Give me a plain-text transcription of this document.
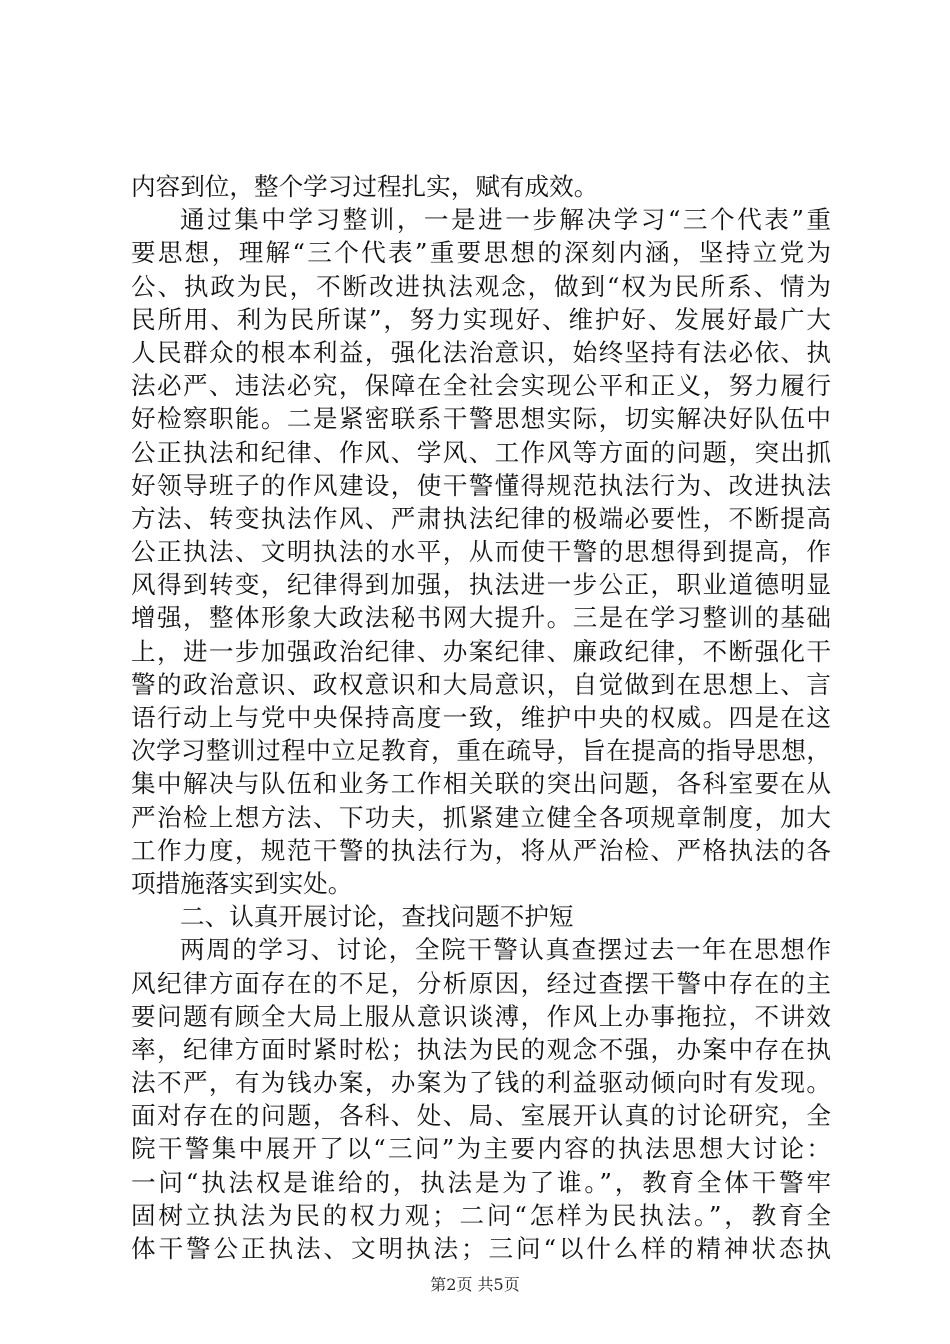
内容到位，整个学习过程扎实，赋有成效。
通过集中学习整训，一是进一步解决学习“三个代表”重
要思想，理解“三个代表”重要思想的深刻内涵，坚持立党为
公、执政为民，不断改进执法观念，做到“权为民所系、情为
民所用、利为民所谋”，努力实现好、维护好、发展好最广大
人民群众的根本利益，强化法治意识，始终坚持有法必依、执
法必严、违法必究，保障在全社会实现公平和正义，努力履行
好检察职能。二是紧密联系干警思想实际，切实解决好队伍中
公正执法和纪律、作风、学风、工作风等方面的问题，突出抓
好领导班子的作风建设，使干警懂得规范执法行为、改进执法
方法、转变执法作风、严肃执法纪律的极端必要性，不断提高
公正执法、文明执法的水平，从而使干警的思想得到提高，作
风得到转变，纪律得到加强，执法进一步公正，职业道德明显
增强，整体形象大政法秘书网大提升。三是在学习整训的基础
上，进一步加强政治纪律、办案纪律、廉政纪律，不断强化干
警的政治意识、政权意识和大局意识，自觉做到在思想上、言
语行动上与党中央保持高度一致，维护中央的权威。四是在这
次学习整训过程中立足教育，重在疏导，旨在提高的指导思想，
集中解决与队伍和业务工作相关联的突出问题，各科室要在从
严治检上想方法、下功夫，抓紧建立健全各项规章制度，加大
工作力度，规范干警的执法行为，将从严治检、严格执法的各
项措施落实到实处。
二、认真开展讨论，查找问题不护短
两周的学习、讨论，全院干警认真查摆过去一年在思想作
风纪律方面存在的不足，分析原因，经过查摆干警中存在的主
要问题有顾全大局上服从意识谈溥，作风上办事拖拉，不讲效
率，纪律方面时紧时松；执法为民的观念不强，办案中存在执
法不严，有为钱办案，办案为了钱的利益驱动倾向时有发现。
面对存在的问题，各科、处、局、室展开认真的讨论研究，全
院干警集中展开了以“三问”为主要内容的执法思想大讨论：
一问“执法权是谁给的，执法是为了谁。”，教育全体干警牢
固树立执法为民的权力观；二问“怎样为民执法。”，教育全
体干警公正执法、文明执法；三问“以什么样的精神状态执
第2页 共5页
